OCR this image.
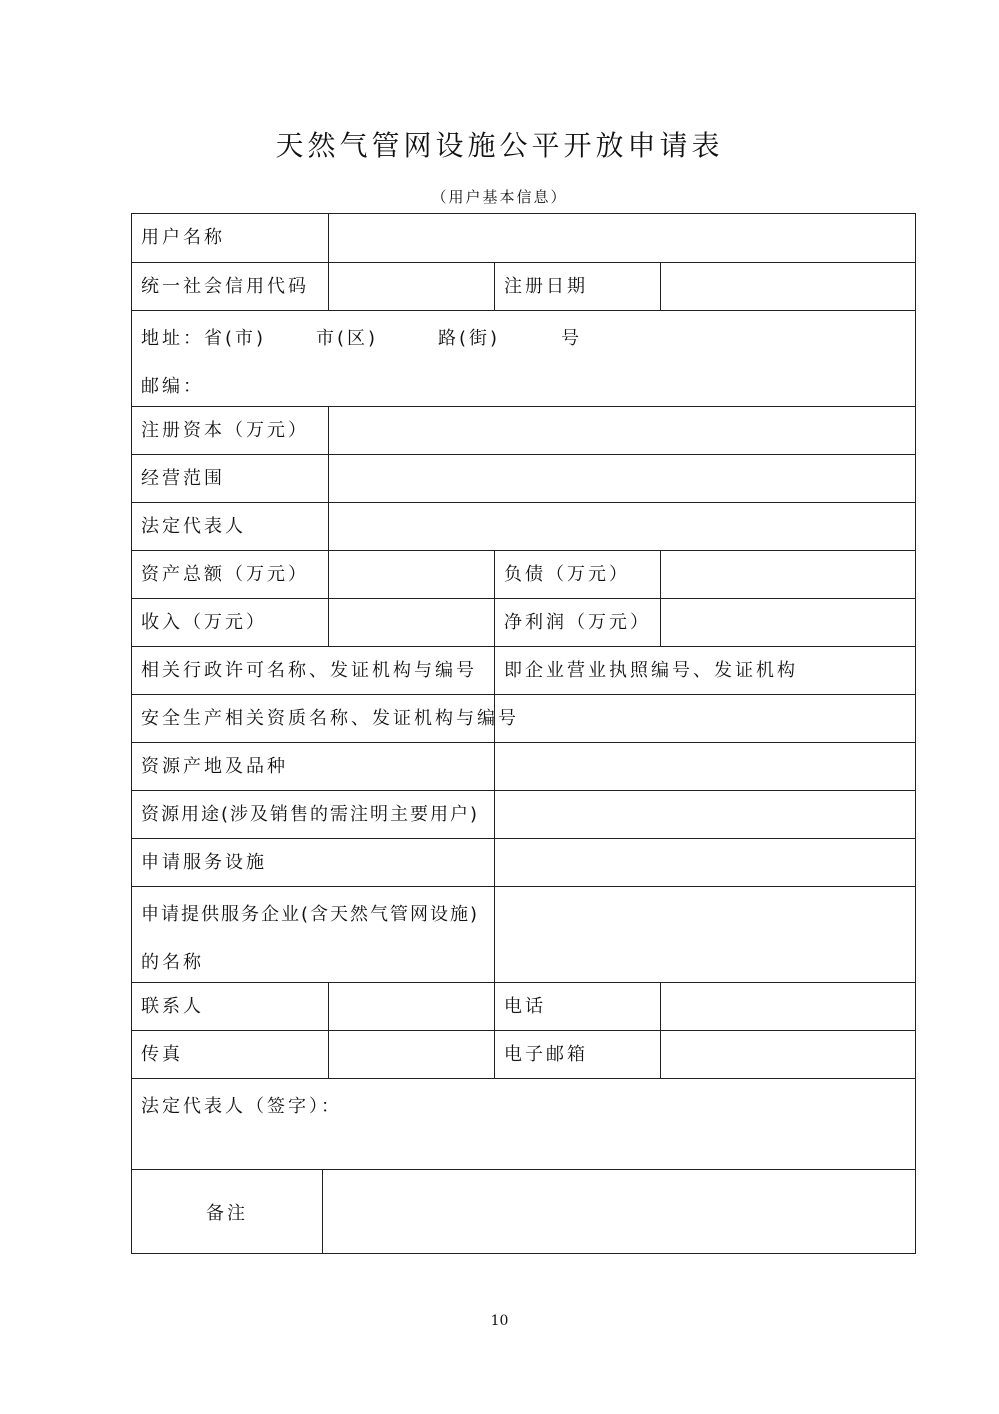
天然气管网设施公平开放申请表
（用户基本信息）
用户名称
统一社会信用代码	注册日期
地址：省(市)	市(区)	路(街)	号
邮编：
注册资本（万元）
经营范围
法定代表人
资产总额（万元）	负债（万元）
收入（万元）	净利润（万元）
相关行政许可名称、发证机构与编号	即企业营业执照编号、发证机构
安全生产相关资质名称、发证机构与编号
资源产地及品种
资源用途(涉及销售的需注明主要用户)
申请服务设施
申请提供服务企业(含天然气管网设施)
的名称
联系人	电话
传真	电子邮箱
法定代表人（签字）：
备注
10
